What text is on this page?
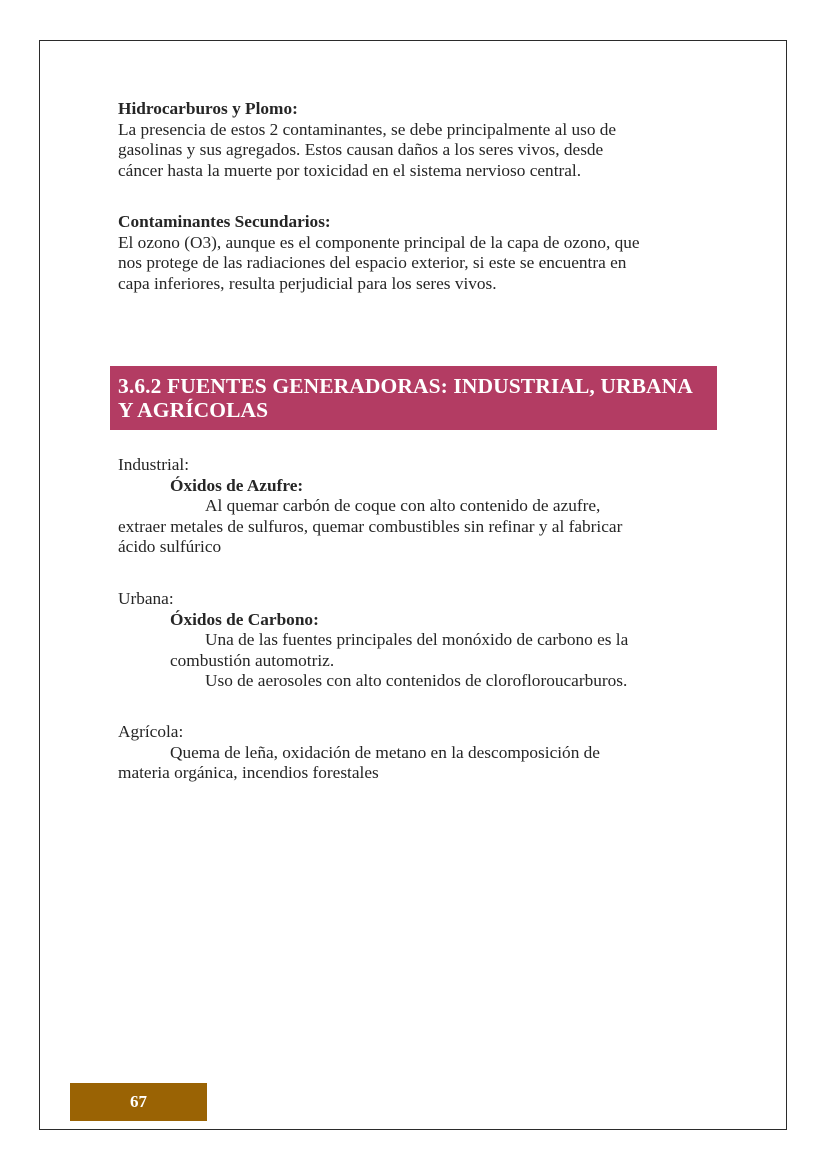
Hidrocarburos y Plomo:
La presencia de estos 2 contaminantes, se debe principalmente al uso de
gasolinas y sus agregados. Estos causan daños a los seres vivos, desde
cáncer hasta la muerte por toxicidad en el sistema nervioso central.
Contaminantes Secundarios:
El ozono (O3), aunque es el componente principal de la capa de ozono, que
nos protege de las radiaciones del espacio exterior, si este se encuentra en
capa inferiores, resulta perjudicial para los seres vivos.
3.6.2 FUENTES GENERADORAS: INDUSTRIAL, URBANA
Y AGRÍCOLAS
Industrial:
Óxidos de Azufre:
Al quemar carbón de coque con alto contenido de azufre,
extraer metales de sulfuros, quemar combustibles sin refinar y al fabricar
ácido sulfúrico
Urbana:
Óxidos de Carbono:
Una de las fuentes principales del monóxido de carbono es la
combustión automotriz.
Uso de aerosoles con alto contenidos de clorofloroucarburos.
Agrícola:
Quema de leña, oxidación de metano en la descomposición de
materia orgánica, incendios forestales
67
